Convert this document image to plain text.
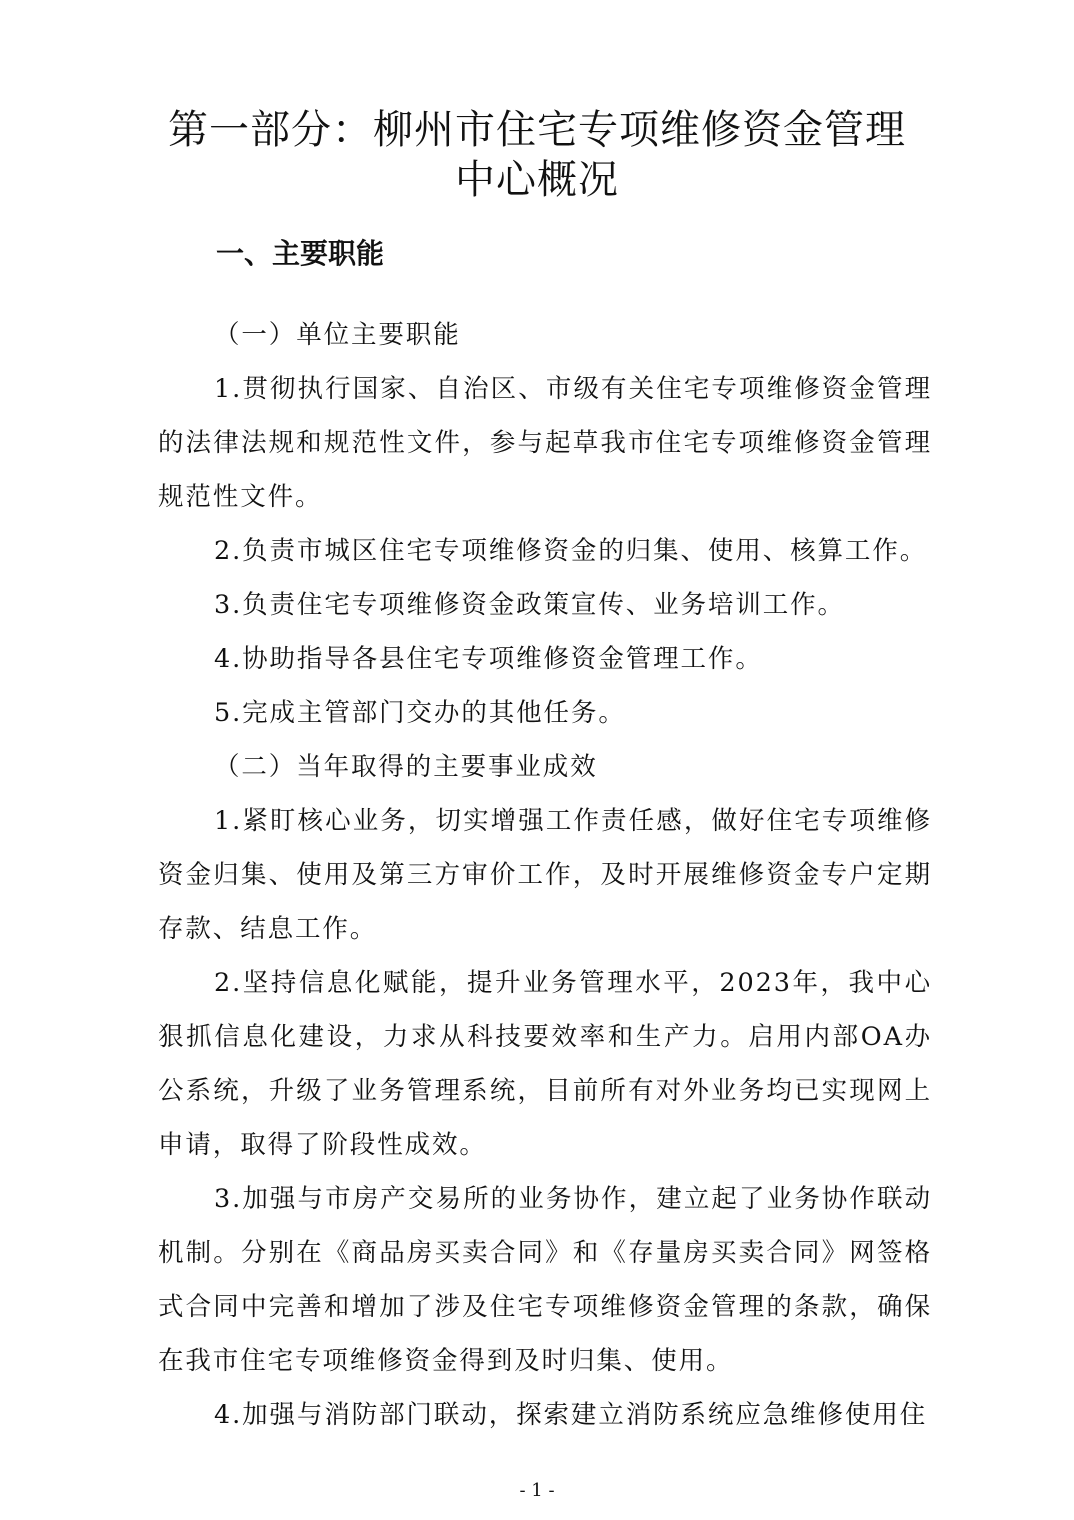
第一部分：柳州市住宅专项维修资金管理中心概况
一、主要职能

（一）单位主要职能

1.贯彻执行国家、自治区、市级有关住宅专项维修资金管理的法律法规和规范性文件，参与起草我市住宅专项维修资金管理规范性文件。

2.负责市城区住宅专项维修资金的归集、使用、核算工作。

3.负责住宅专项维修资金政策宣传、业务培训工作。

4.协助指导各县住宅专项维修资金管理工作。

5.完成主管部门交办的其他任务。

（二）当年取得的主要事业成效

1.紧盯核心业务，切实增强工作责任感，做好住宅专项维修资金归集、使用及第三方审价工作，及时开展维修资金专户定期存款、结息工作。

2.坚持信息化赋能，提升业务管理水平，2023年，我中心狠抓信息化建设，力求从科技要效率和生产力。启用内部OA办公系统，升级了业务管理系统，目前所有对外业务均已实现网上申请，取得了阶段性成效。

3.加强与市房产交易所的业务协作，建立起了业务协作联动机制。分别在《商品房买卖合同》和《存量房买卖合同》网签格式合同中完善和增加了涉及住宅专项维修资金管理的条款，确保在我市住宅专项维修资金得到及时归集、使用。

4.加强与消防部门联动，探索建立消防系统应急维修使用住

- 1 -
